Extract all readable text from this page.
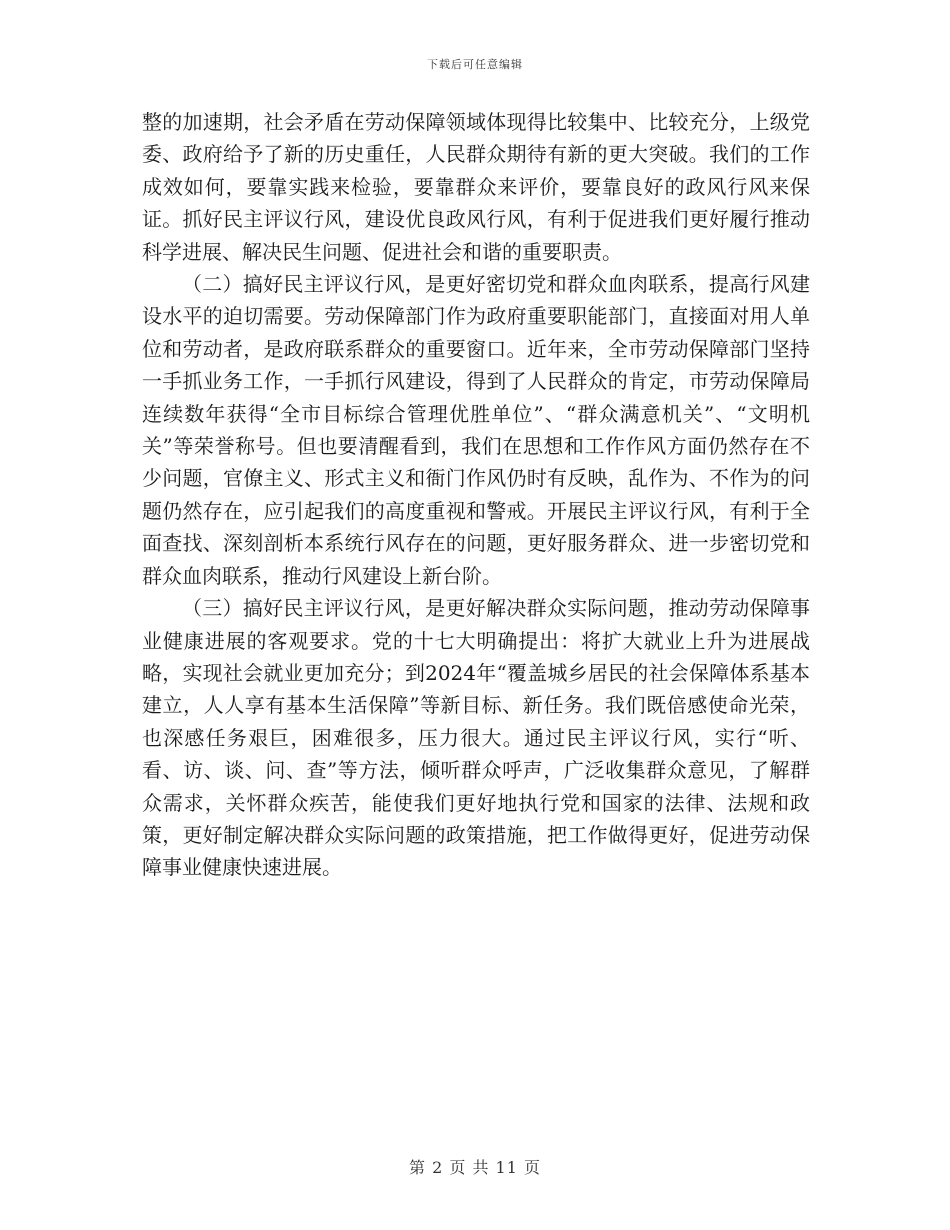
下载后可任意编辑

整的加速期，社会矛盾在劳动保障领域体现得比较集中、比较充分，上级党委、政府给予了新的历史重任，人民群众期待有新的更大突破。我们的工作成效如何，要靠实践来检验，要靠群众来评价，要靠良好的政风行风来保证。抓好民主评议行风，建设优良政风行风，有利于促进我们更好履行推动科学进展、解决民生问题、促进社会和谐的重要职责。

（二）搞好民主评议行风，是更好密切党和群众血肉联系，提高行风建设水平的迫切需要。劳动保障部门作为政府重要职能部门，直接面对用人单位和劳动者，是政府联系群众的重要窗口。近年来，全市劳动保障部门坚持一手抓业务工作，一手抓行风建设，得到了人民群众的肯定，市劳动保障局连续数年获得“全市目标综合管理优胜单位”、“群众满意机关”、“文明机关”等荣誉称号。但也要清醒看到，我们在思想和工作作风方面仍然存在不少问题，官僚主义、形式主义和衙门作风仍时有反映，乱作为、不作为的问题仍然存在，应引起我们的高度重视和警戒。开展民主评议行风，有利于全面查找、深刻剖析本系统行风存在的问题，更好服务群众、进一步密切党和群众血肉联系，推动行风建设上新台阶。

（三）搞好民主评议行风，是更好解决群众实际问题，推动劳动保障事业健康进展的客观要求。党的十七大明确提出：将扩大就业上升为进展战略，实现社会就业更加充分；到2024年“覆盖城乡居民的社会保障体系基本建立，人人享有基本生活保障”等新目标、新任务。我们既倍感使命光荣，也深感任务艰巨，困难很多，压力很大。通过民主评议行风，实行“听、看、访、谈、问、查”等方法，倾听群众呼声，广泛收集群众意见，了解群众需求，关怀群众疾苦，能使我们更好地执行党和国家的法律、法规和政策，更好制定解决群众实际问题的政策措施，把工作做得更好，促进劳动保障事业健康快速进展。

第 2 页 共 11 页
